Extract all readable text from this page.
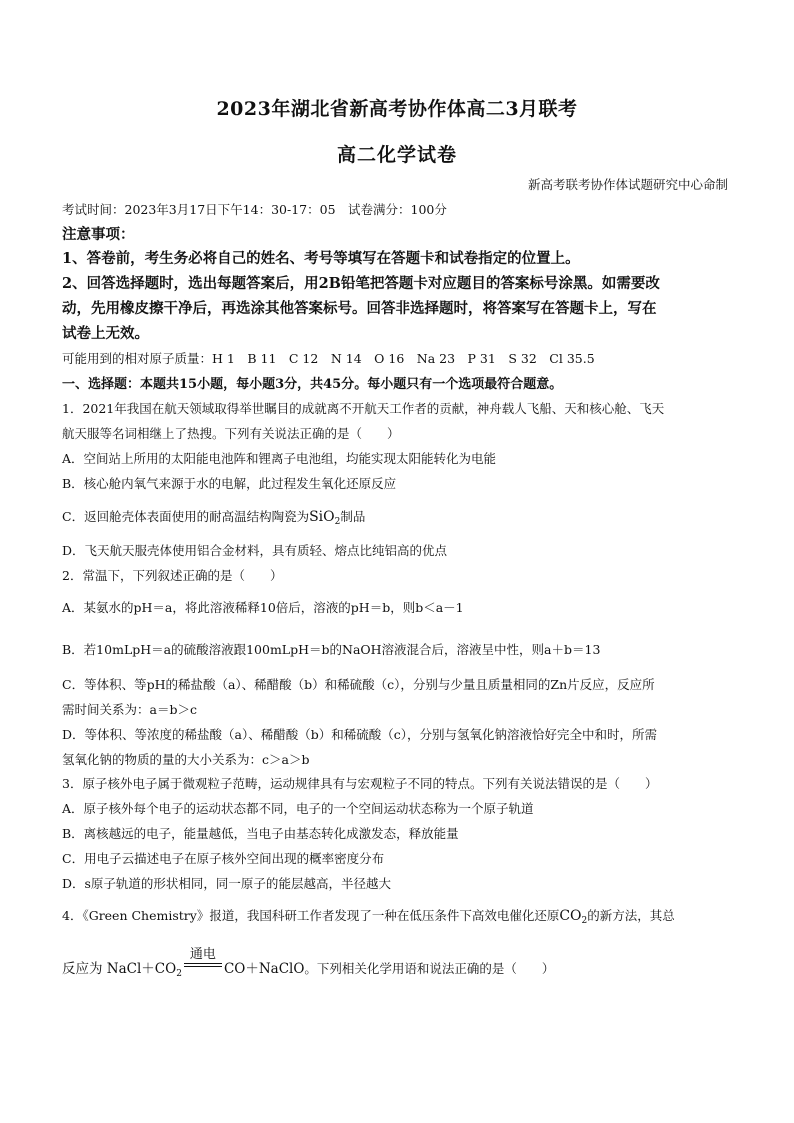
2023年湖北省新高考协作体高二3月联考
高二化学试卷
新高考联考协作体试题研究中心命制
考试时间：2023年3月17日下午14：30-17：05　试卷满分：100分
注意事项：
1、答卷前，考生务必将自己的姓名、考号等填写在答题卡和试卷指定的位置上。
2、回答选择题时，选出每题答案后，用2B铅笔把答题卡对应题目的答案标号涂黑。如需要改
动，先用橡皮擦干净后，再选涂其他答案标号。回答非选择题时，将答案写在答题卡上，写在
试卷上无效。
可能用到的相对原子质量：H 1　B 11　C 12　N 14　O 16　Na 23　P 31　S 32　Cl 35.5
一、选择题：本题共15小题，每小题3分，共45分。每小题只有一个选项最符合题意。
1．2021年我国在航天领域取得举世瞩目的成就离不开航天工作者的贡献，神舟载人飞船、天和核心舱、飞天
航天服等名词相继上了热搜。下列有关说法正确的是（　　）
A．空间站上所用的太阳能电池阵和锂离子电池组，均能实现太阳能转化为电能
B．核心舱内氧气来源于水的电解，此过程发生氧化还原反应
C．返回舱壳体表面使用的耐高温结构陶瓷为SiO$_2$制品
D．飞天航天服壳体使用铝合金材料，具有质轻、熔点比纯铝高的优点
2．常温下，下列叙述正确的是（　　）
A．某氨水的pH＝a，将此溶液稀释10倍后，溶液的pH＝b，则b＜a－1
B．若10mLpH＝a的硫酸溶液跟100mLpH＝b的NaOH溶液混合后，溶液呈中性，则a＋b＝13
C．等体积、等pH的稀盐酸（a）、稀醋酸（b）和稀硫酸（c），分别与少量且质量相同的Zn片反应，反应所
需时间关系为：a＝b＞c
D．等体积、等浓度的稀盐酸（a）、稀醋酸（b）和稀硫酸（c），分别与氢氧化钠溶液恰好完全中和时，所需
氢氧化钠的物质的量的大小关系为：c＞a＞b
3．原子核外电子属于微观粒子范畴，运动规律具有与宏观粒子不同的特点。下列有关说法错误的是（　　）
A．原子核外每个电子的运动状态都不同，电子的一个空间运动状态称为一个原子轨道
B．离核越远的电子，能量越低，当电子由基态转化成激发态，释放能量
C．用电子云描述电子在原子核外空间出现的概率密度分布
D．s原子轨道的形状相同，同一原子的能层越高，半径越大
4．《Green Chemistry》报道，我国科研工作者发现了一种在低压条件下高效电催化还原$CO_2$的新方法，其总
反应为 $NaCl+CO_2$
通电
CO＋NaClO。下列相关化学用语和说法正确的是（　　）
